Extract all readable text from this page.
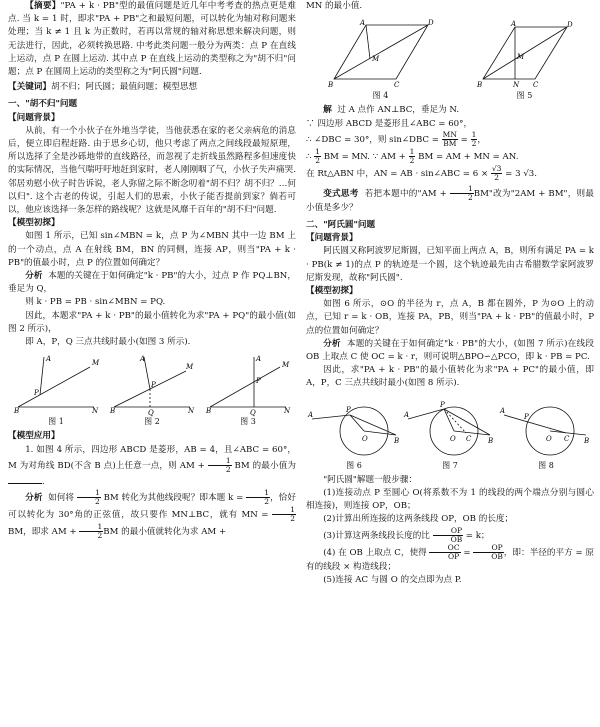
【摘要】"PA + k · PB"型的最值问题是近几年中考考查的热点更是难点. 当 k = 1 时，即求"PA + PB"之和最短问题，可以转化为轴对称问题来处理；当 k ≠ 1 且 k 为正数时，若再以常规的轴对称思想来解决问题，则无法进行，因此，必须转换思路. 中考此类问题一般分为两类：点 P 在直线上运动，点 P 在圆上运动. 其中点 P 在直线上运动的类型称之为"胡不归"问题；点 P 在圆周上运动的类型称之为"阿氏圆"问题.

【关键词】胡不归；阿氏圆；最值问题；模型思想

一、"胡不归"问题

【问题背景】

从前，有一个小伙子在外地当学徒，当他获悉在家的老父亲病危的消息后，便立即启程赶路. 由于思乡心切，他只考虑了两点之间线段最短原理，所以选择了全是沙砾地带的直线路径，而忽视了走折线虽然路程多但速度快的实际情况，当他气喘吁吁地赶到家时，老人刚刚咽了气，小伙子失声痛哭. 邻居劝慰小伙子时告诉说，老人弥留之际不断念叨着"胡不归？胡不归？…何以归". 这个古老的传说，引起人们的思索，小伙子能否提前到家？倘若可以，他应该选择一条怎样的路线呢？这就是风靡千百年的"胡不归"问题.

【模型初探】

如图 1 所示，已知 sin∠MBN = k，点 P 为∠MBN 其中一边 BM 上的一个动点，点 A 在射线 BM，BN 的同侧，连接 AP，则当"PA + k · PB"的值最小时，点 P 的位置如何确定？

分析 本题的关键在于如何确定"k · PB"的大小，过点 P 作 PQ⊥BN，垂足为 Q，

则 k · PB = PB · sin∠MBN = PQ.

因此，本题求"PA + k · PB"的最小值转化为求"PA + PQ"的最小值(如图 2 所示)，

即 A，P，Q 三点共线时最小(如图 3 所示).

B
M
N
A
P
图 1
B
M
N
A
P
Q
图 2
B
M
N
A
P
Q
图 3

【模型应用】

1. 如图 4 所示，四边形 ABCD 是菱形，AB = 4，且∠ABC = 60°，M 为对角线 BD(不含 B 点)上任意一点，则 AM + $\frac{1}{2}$ BM 的最小值为 .

分析 如何将 $\frac{1}{2}$ BM 转化为其他线段呢？即本题 $k = \frac{1}{2}$ ，恰好可以转化为 30°角的正弦值，故只要作 MN⊥BC，就有 MN = $\frac{1}{2}$
BM，即求 AM + $\frac{1}{2}$ BM 的最小值就转化为求 AM +

MN 的最小值.

B	C
D
A
M
图 4
B	C
D
A
M
N
图 5

解 过 A 点作 AN⊥BC，垂足为 N.

∵ 四边形 ABCD 是菱形且∠ABC = 60°，

∴ ∠DBC = 30°，则 sin∠DBC = $\frac{MN}{BM} = \frac{1}{2}$ ，

∴ $\frac{1}{2}$ BM = MN. ∵ AM + $\frac{1}{2}$ BM = AM + MN = AN.

在 Rt△ABN 中，AN = AB · sin∠ABC = $6 \times \frac{√3}{2} = 3$ √3.

变式思考 若把本题中的"AM + $\frac{1}{2}$ BM"改为"2AM + BM"，则最小值是多少？

二、"阿氏圆"问题

【问题背景】

阿氏圆又称阿波罗尼斯圆，已知平面上两点 A，B，则所有满足 PA = k · PB(k ≠ 1)的点 P 的轨迹是一个圆，这个轨迹最先由古希腊数学家阿波罗尼斯发现，故称"阿氏圆".

【模型初探】

如图 6 所示，⊙O 的半径为 r，点 A，B 都在圆外，P 为⊙O 上的动点，已知 r = k · OB，连接 PA，PB，则当"PA + k · PB"的值最小时，P 点的位置如何确定？

分析 本题的关键在于如何确定"k · PB"的大小，(如图 7 所示)在线段 OB 上取点 C 使 OC = k · r，则可说明△BPO∽△PCO，即 k · PB = PC.

因此，求"PA + k · PB"的最小值转化为求"PA + PC"的最小值，即 A，P，C 三点共线时最小(如图 8 所示).

A
P
O	B
图 6
A
P
O C B
图 7
A
P
O C B
图 8

"阿氏圆"解题一般步骤：

(1)连接动点 P 至圆心 O(将系数不为 1 的线段的两个端点分别与圆心相连接)，则连接 OP，OB；

(2)计算出所连接的这两条线段 OP，OB 的长度；

(3)计算这两条线段长度的比 $\frac{OP}{OB} = k$；

(4) 在 OB 上取点 C，使得 $\frac{OC}{OP} = \frac{OP}{OB}$ ，即：半径的平方 = 原有的线段 × 构造线段；

(5)连接 AC 与圆 O 的交点即为点 P.
